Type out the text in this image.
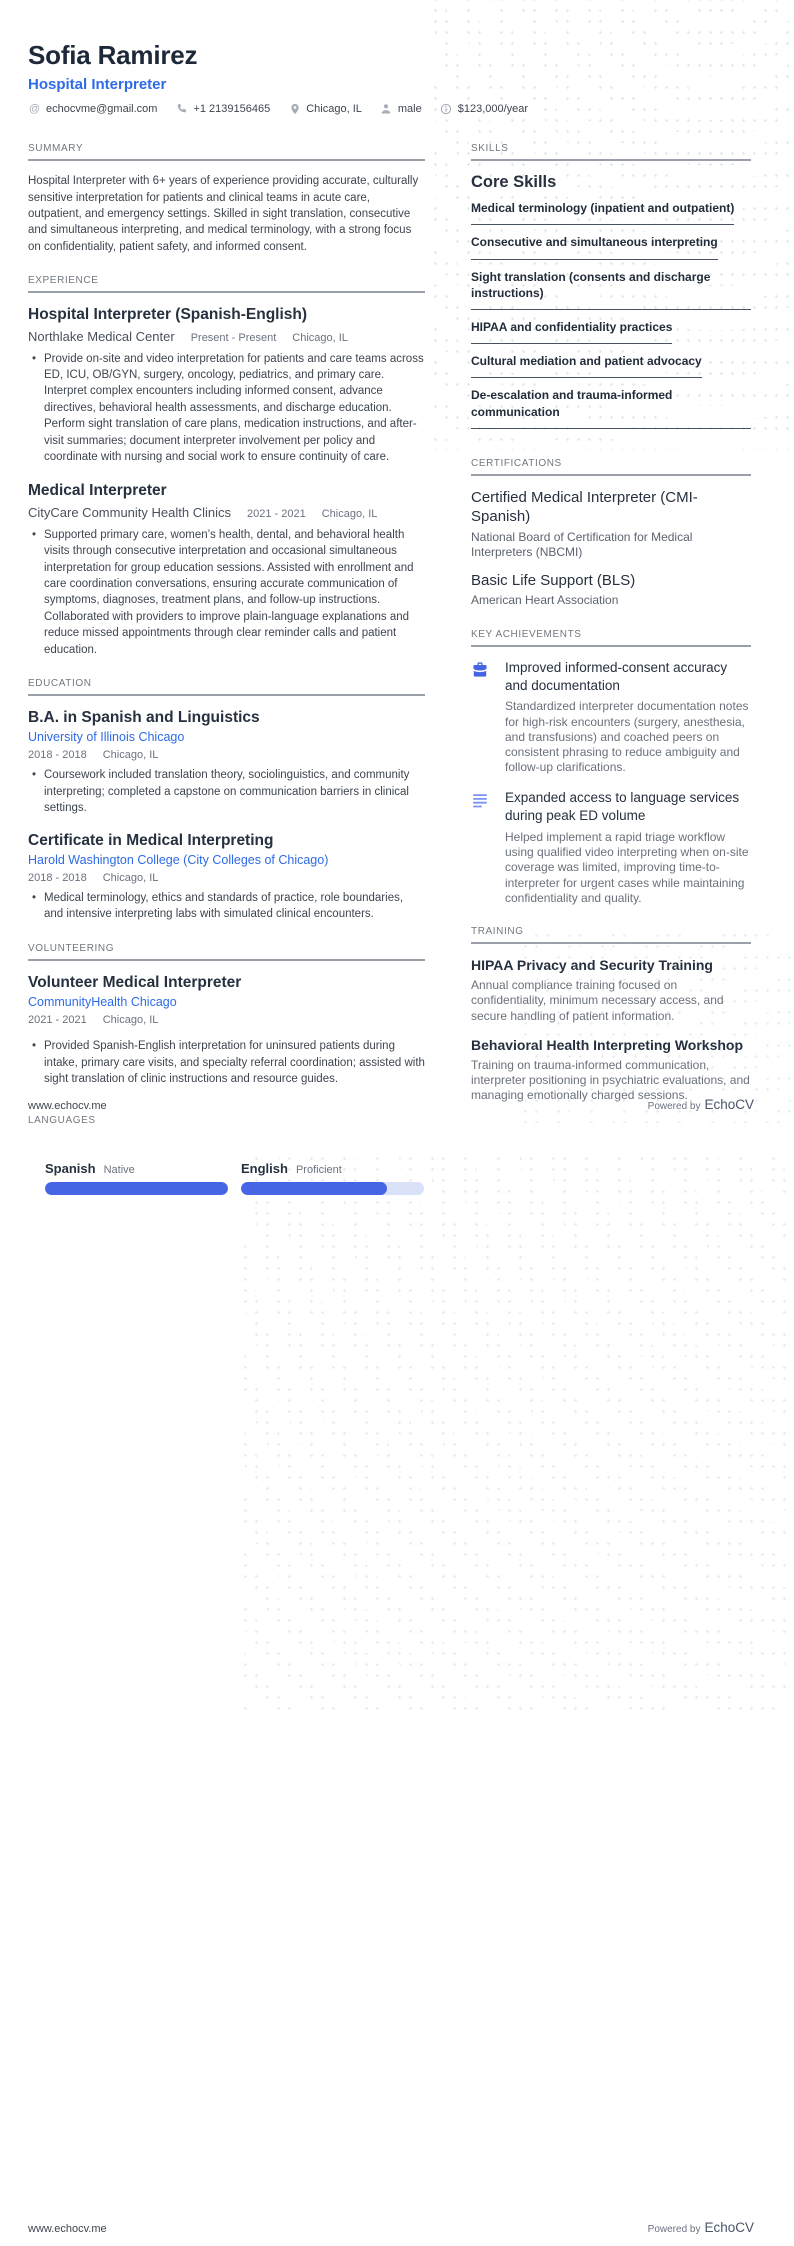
Sofia Ramirez
Hospital Interpreter
@ echocvme@gmail.com	+1 2139156465	Chicago, IL	male	$123,000/year
SUMMARY

Hospital Interpreter with 6+ years of experience providing accurate, culturally sensitive interpretation for patients and clinical teams in acute care, outpatient, and emergency settings. Skilled in sight translation, consecutive and simultaneous interpreting, and medical terminology, with a strong focus on confidentiality, patient safety, and informed consent.

EXPERIENCE
Hospital Interpreter (Spanish-English)
Northlake Medical Center Present - Present Chicago, IL
• Provide on-site and video interpretation for patients and care teams across ED, ICU, OB/GYN, surgery, oncology, pediatrics, and primary care. Interpret complex encounters including informed consent, advance directives, behavioral health assessments, and discharge education. Perform sight translation of care plans, medication instructions, and after-visit summaries; document interpreter involvement per policy and coordinate with nursing and social work to ensure continuity of care.
Medical Interpreter
CityCare Community Health Clinics 2021 - 2021 Chicago, IL
• Supported primary care, women’s health, dental, and behavioral health visits through consecutive interpretation and occasional simultaneous interpretation for group education sessions. Assisted with enrollment and care coordination conversations, ensuring accurate communication of symptoms, diagnoses, treatment plans, and follow-up instructions. Collaborated with providers to improve plain-language explanations and reduce missed appointments through clear reminder calls and patient education.
EDUCATION
B.A. in Spanish and Linguistics
University of Illinois Chicago
2018 - 2018 Chicago, IL
• Coursework included translation theory, sociolinguistics, and community interpreting; completed a capstone on communication barriers in clinical settings.
Certificate in Medical Interpreting
Harold Washington College (City Colleges of Chicago)
2018 - 2018 Chicago, IL
• Medical terminology, ethics and standards of practice, role boundaries, and intensive interpreting labs with simulated clinical encounters.
VOLUNTEERING
Volunteer Medical Interpreter
CommunityHealth Chicago
2021 - 2021 Chicago, IL
• Provided Spanish-English interpretation for uninsured patients during intake, primary care visits, and specialty referral coordination; assisted with sight translation of clinic instructions and resource guides.
LANGUAGES
SKILLS
Core Skills
Medical terminology (inpatient and outpatient)
Consecutive and simultaneous interpreting
Sight translation (consents and discharge instructions)
HIPAA and confidentiality practices
Cultural mediation and patient advocacy
De-escalation and trauma-informed communication
CERTIFICATIONS
Certified Medical Interpreter (CMI-Spanish)
National Board of Certification for Medical Interpreters (NBCMI)
Basic Life Support (BLS)
American Heart Association
KEY ACHIEVEMENTS
Improved informed-consent accuracy and documentation
Standardized interpreter documentation notes for high-risk encounters (surgery, anesthesia, and transfusions) and coached peers on consistent phrasing to reduce ambiguity and follow-up clarifications.
Expanded access to language services during peak ED volume
Helped implement a rapid triage workflow using qualified video interpreting when on-site coverage was limited, improving time-to-interpreter for urgent cases while maintaining confidentiality and quality.
TRAINING
HIPAA Privacy and Security Training
Annual compliance training focused on confidentiality, minimum necessary access, and secure handling of patient information.
Behavioral Health Interpreting Workshop
Training on trauma-informed communication, interpreter positioning in psychiatric evaluations, and managing emotionally charged sessions.
www.echocv.me	Powered by EchoCV
Spanish Native	English Proficient
www.echocv.me	Powered by EchoCV
